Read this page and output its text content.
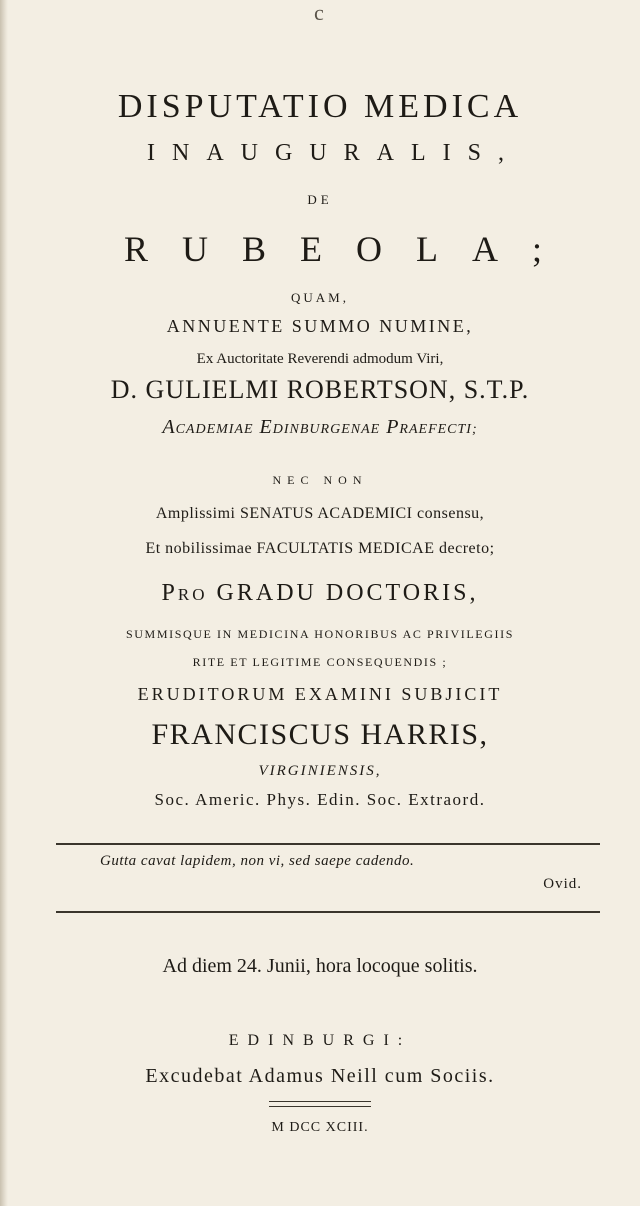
c
DISPUTATIO MEDICA
INAUGURALIS,
DE
RUBEOLA;
QUAM,
ANNUENTE SUMMO NUMINE,
Ex Auctoritate Reverendi admodum Viri,
D. GULIELMI ROBERTSON, S.T.P.
ACADEMIAE EDINBURGENAE PRAEFECTI;
NEC NON
Amplissimi SENATUS ACADEMICI consensu,
Et nobilissimae FACULTATIS MEDICAE decreto;
PRO GRADU DOCTORIS,
SUMMISQUE IN MEDICINA HONORIBUS AC PRIVILEGIIS
RITE ET LEGITIME CONSEQUENDIS ;
ERUDITORUM EXAMINI SUBJICIT
FRANCISCUS HARRIS,
VIRGINIENSIS,
Soc. Americ. Phys. Edin. Soc. Extraord.
Gutta cavat lapidem, non vi, sed saepe cadendo.
Ovid.
Ad diem 24. Junii, hora locoque solitis.
EDINBURGI:
Excudebat Adamus Neill cum Sociis.
M DCC XCIII.
